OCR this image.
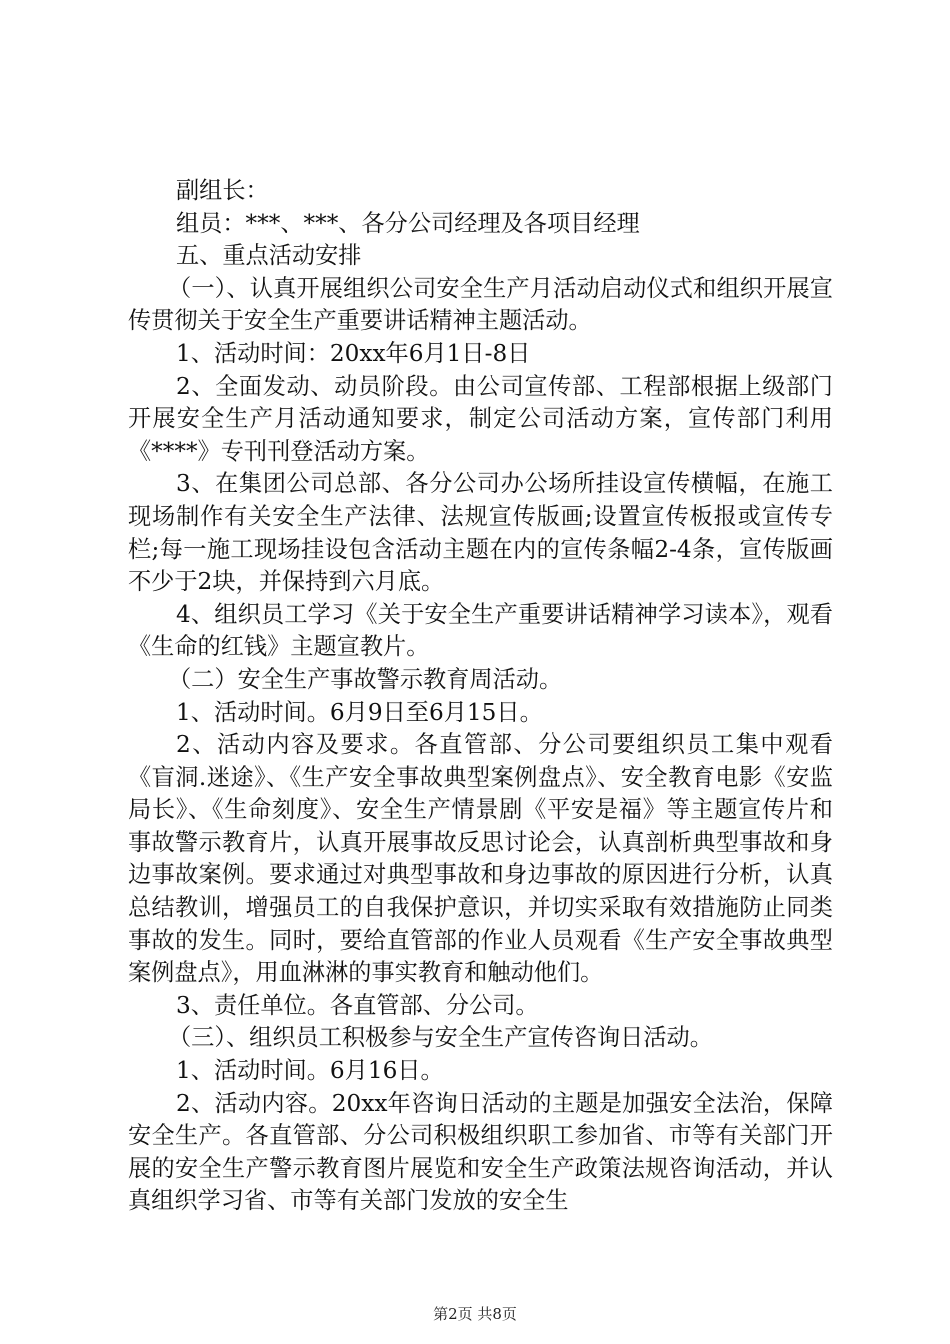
副组长：

组员：***、***、各分公司经理及各项目经理

五、重点活动安排

（一）、认真开展组织公司安全生产月活动启动仪式和组织开展宣传贯彻关于安全生产重要讲话精神主题活动。

1、活动时间：20xx年6月1日-8日

2、全面发动、动员阶段。由公司宣传部、工程部根据上级部门开展安全生产月活动通知要求，制定公司活动方案，宣传部门利用《****》专刊刊登活动方案。

3、在集团公司总部、各分公司办公场所挂设宣传横幅，在施工现场制作有关安全生产法律、法规宣传版画;设置宣传板报或宣传专栏;每一施工现场挂设包含活动主题在内的宣传条幅2-4条，宣传版画不少于2块，并保持到六月底。

4、组织员工学习《关于安全生产重要讲话精神学习读本》，观看《生命的红钱》主题宣教片。

（二）安全生产事故警示教育周活动。

1、活动时间。6月9日至6月15日。

2、活动内容及要求。各直管部、分公司要组织员工集中观看《盲洞.迷途》、《生产安全事故典型案例盘点》、安全教育电影《安监局长》、《生命刻度》、安全生产情景剧《平安是福》等主题宣传片和事故警示教育片，认真开展事故反思讨论会，认真剖析典型事故和身边事故案例。要求通过对典型事故和身边事故的原因进行分析，认真总结教训，增强员工的自我保护意识，并切实采取有效措施防止同类事故的发生。同时，要给直管部的作业人员观看《生产安全事故典型案例盘点》，用血淋淋的事实教育和触动他们。

3、责任单位。各直管部、分公司。

（三）、组织员工积极参与安全生产宣传咨询日活动。

1、活动时间。6月16日。

2、活动内容。20xx年咨询日活动的主题是加强安全法治，保障安全生产。各直管部、分公司积极组织职工参加省、市等有关部门开展的安全生产警示教育图片展览和安全生产政策法规咨询活动，并认真组织学习省、市等有关部门发放的安全生

第2页 共8页
